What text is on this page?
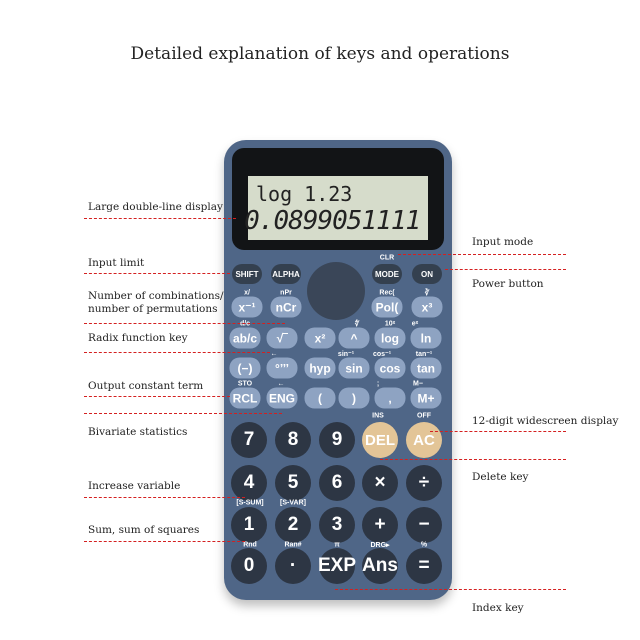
Detailed explanation of keys and operations
log 1.23
0.0899051111
SHIFT	ALPHA	MODE	ON
x⁻¹	nCr	Pol(	x³
ab/c	√‾	x²	^	log	ln
(−)	°’’’	hyp	sin	cos	tan
RCL ENG	(	)	,	M+
7	8	9	DEL	AC
4	5	6	×	÷
1	2	3	+	−
0	·	EXP Ans	=
CLR
x/	nPr	Rec(	∛
d/c	∜	10ˣ eˣ
←	sin⁻¹	cos⁻¹	tan⁻¹
STO	←	;	M−
INS	OFF
[S-SUM] [S-VAR]
Rnd	Ran#	π	DRG▸	%
Large double-line display
Input limit
Number of combinations/
number of permutations
Radix function key
Output constant term
Bivariate statistics
Increase variable
Sum, sum of squares
Input mode
Power button
12-digit widescreen display
Delete key
Index key
